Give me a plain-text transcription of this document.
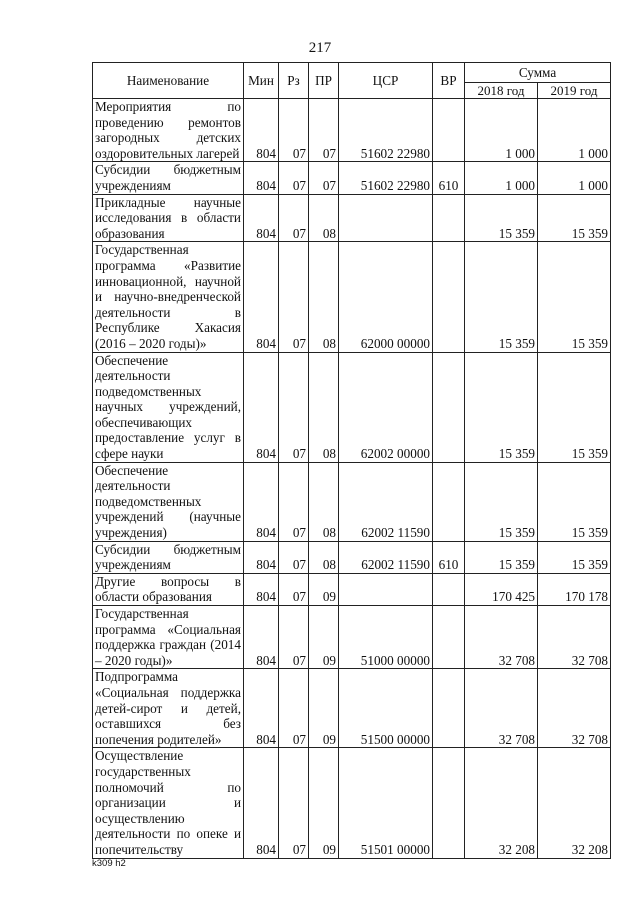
217
Наименование	Мин	Рз	ПР	ЦСР	ВР	Сумма	
						2018 год	2019 год
Мероприятия по проведению ремонтов загородных детских оздоровительных лагерей	804	07	07	51602 22980		1 000	1 000
Субсидии бюджетным учреждениям	804	07	07	51602 22980	610	1 000	1 000
Прикладные научные исследования в области образования	804	07	08			15 359	15 359
Государственная программа «Развитие инновационной, научной и научно-внедренческой деятельности в Республике Хакасия (2016 – 2020 годы)»	804	07	08	62000 00000		15 359	15 359
Обеспечение деятельности подведомственных научных учреждений, обеспечивающих предоставление услуг в сфере науки	804	07	08	62002 00000		15 359	15 359
Обеспечение деятельности подведомственных учреждений (научные учреждения)	804	07	08	62002 11590		15 359	15 359
Субсидии бюджетным учреждениям	804	07	08	62002 11590	610	15 359	15 359
Другие вопросы в области образования	804	07	09			170 425	170 178
Государственная программа «Социальная поддержка граждан (2014 – 2020 годы)»	804	07	09	51000 00000		32 708	32 708
Подпрограмма «Социальная поддержка детей-сирот и детей, оставшихся без попечения родителей»	804	07	09	51500 00000		32 708	32 708
Осуществление государственных полномочий по организации и осуществлению деятельности по опеке и попечительству	804	07	09	51501 00000		32 208	32 208
k309 h2
